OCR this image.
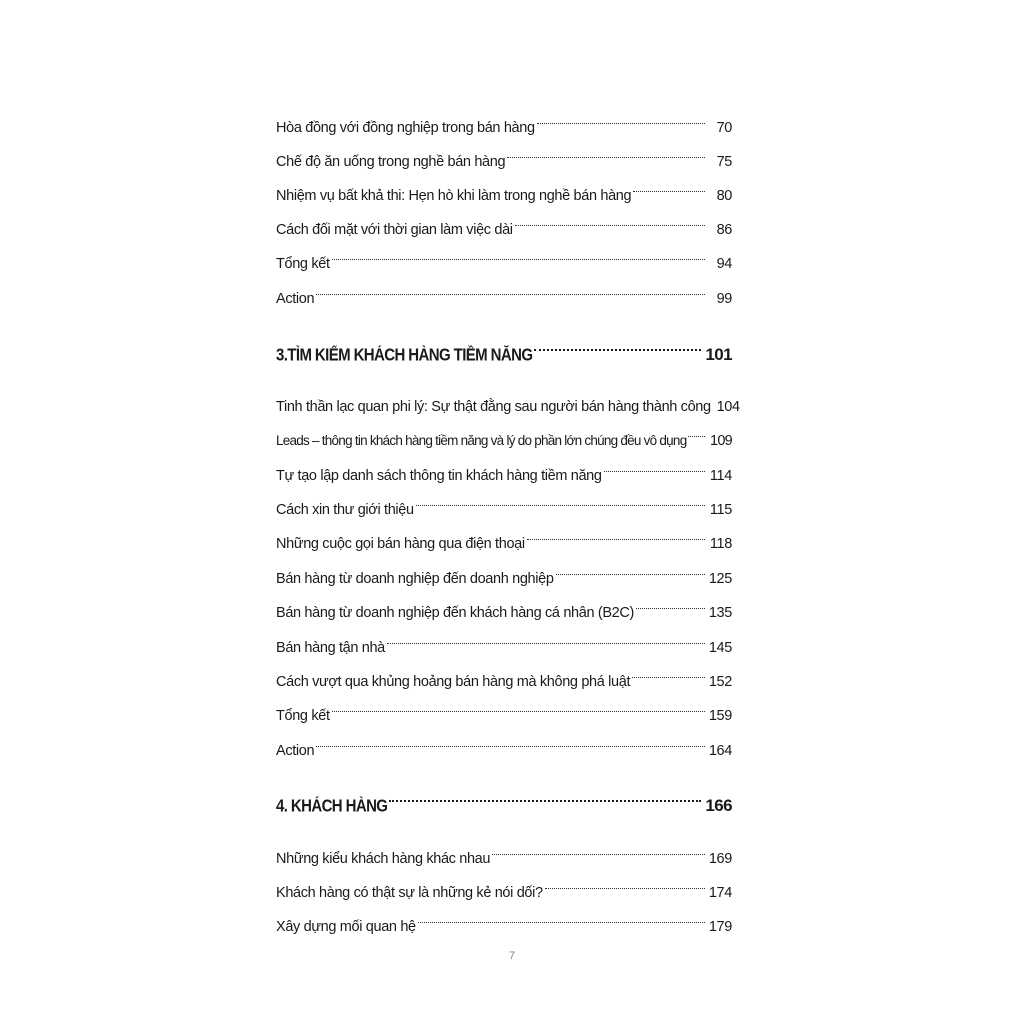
Hòa đồng với đồng nghiệp trong bán hàng	70
Chế độ ăn uống trong nghề bán hàng	75
Nhiệm vụ bất khả thi: Hẹn hò khi làm trong nghề bán hàng	80
Cách đối mặt với thời gian làm việc dài	86
Tổng kết	94
Action	99
3.TÌM KIẾM KHÁCH HÀNG TIỀM NĂNG	101
Tinh thần lạc quan phi lý: Sự thật đằng sau người bán hàng thành công 104
Leads – thông tin khách hàng tiềm năng và lý do phần lớn chúng đều vô dụng 109
Tự tạo lập danh sách thông tin khách hàng tiềm năng	114
Cách xin thư giới thiệu	115
Những cuộc gọi bán hàng qua điện thoại	118
Bán hàng từ doanh nghiệp đến doanh nghiệp	125
Bán hàng từ doanh nghiệp đến khách hàng cá nhân (B2C)	135
Bán hàng tận nhà	145
Cách vượt qua khủng hoảng bán hàng mà không phá luật	152
Tổng kết	159
Action	164
4. KHÁCH HÀNG	166
Những kiểu khách hàng khác nhau	169
Khách hàng có thật sự là những kẻ nói dối?	174
Xây dựng mối quan hệ	179
7
